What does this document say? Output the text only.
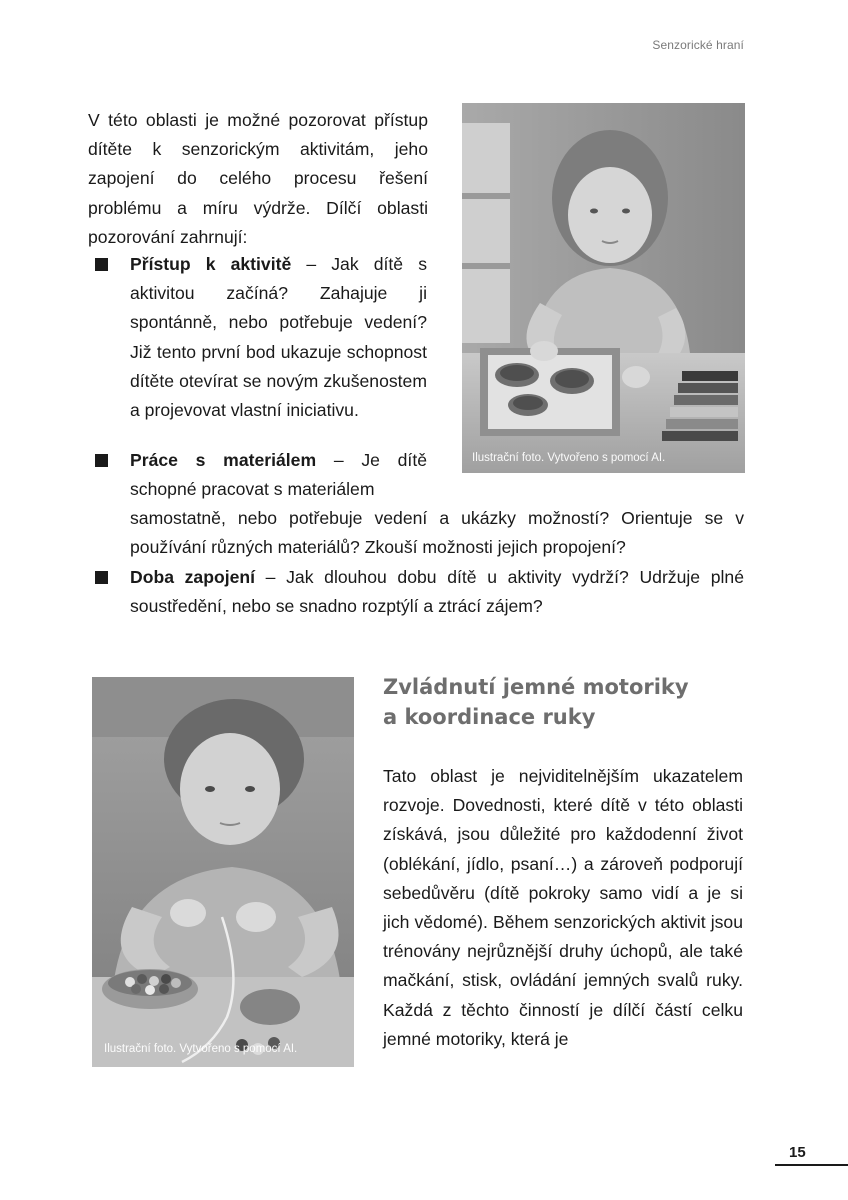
Senzorické hraní

V této oblasti je možné pozorovat přístup dítěte k senzorickým aktivitám, jeho zapojení do celého procesu řešení problému a míru výdrže. Dílčí oblasti pozorování zahrnují:

Přístup k aktivitě – Jak dítě s aktivitou začíná? Zahajuje ji spontánně, nebo potřebuje vedení? Již tento první bod ukazuje schopnost dítěte otevírat se novým zkušenostem a projevovat vlastní iniciativu.
Práce s materiálem – Je dítě schopné pracovat s materiálem
samostatně, nebo potřebuje vedení a ukázky možností? Orientuje se v používání různých materiálů? Zkouší možnosti jejich propojení?
Doba zapojení – Jak dlouhou dobu dítě u aktivity vydrží? Udržuje plné soustředění, nebo se snadno rozptýlí a ztrácí zájem?
Ilustrační foto. Vytvořeno s pomocí AI.
Ilustrační foto. Vytvořeno s pomocí AI.
Zvládnutí jemné motoriky
a koordinace ruky

Tato oblast je nejviditelnějším ukazatelem rozvoje. Dovednosti, které dítě v této oblasti získává, jsou důležité pro každodenní život (oblékání, jídlo, psaní…) a zároveň podporují sebedůvěru (dítě pokroky samo vidí a je si jich vědomé). Během senzorických aktivit jsou trénovány nejrůznější druhy úchopů, ale také mačkání, stisk, ovládání jemných svalů ruky. Každá z těchto činností je dílčí částí celku jemné motoriky, která je

15
